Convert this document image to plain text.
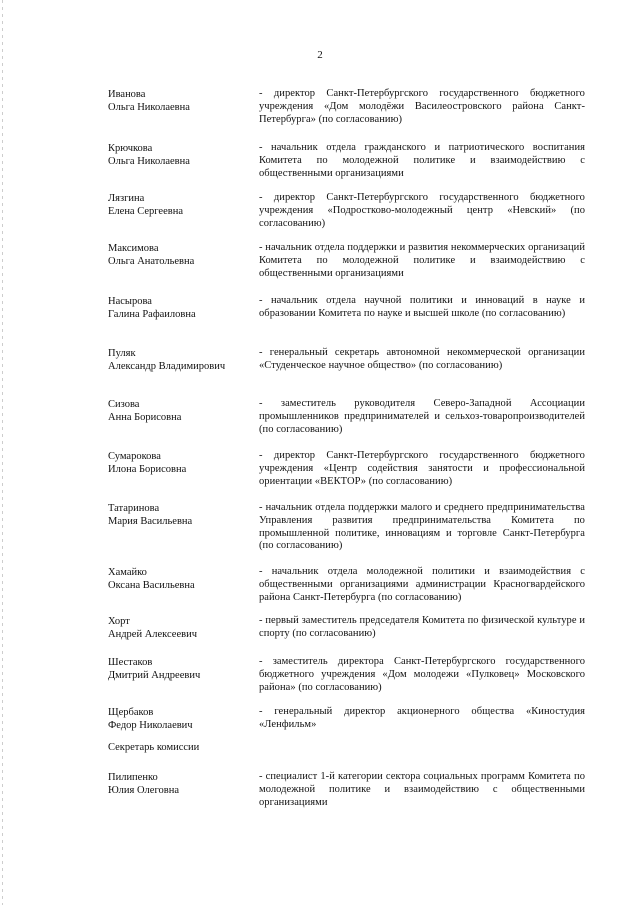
2
Иванова
Ольга Николаевна
- директор Санкт-Петербургского государственного бюджетного учреждения «Дом молодёжи Василеостровского района Санкт-Петербурга» (по согласованию)
Крючкова
Ольга Николаевна
- начальник отдела гражданского и патриотического воспитания Комитета по молодежной политике и взаимодействию с общественными организациями
Лязгина
Елена Сергеевна
- директор Санкт-Петербургского государственного бюджетного учреждения «Подростково-молодежный центр «Невский» (по согласованию)
Максимова
Ольга Анатольевна
- начальник отдела поддержки и развития некоммерческих организаций Комитета по молодежной политике и взаимодействию с общественными организациями
Насырова
Галина Рафаиловна
- начальник отдела научной политики и инноваций в науке и образовании Комитета по науке и высшей школе (по согласованию)
Пуляк
Александр Владимирович
- генеральный секретарь автономной некоммерческой организации «Студенческое научное общество» (по согласованию)
Сизова
Анна Борисовна
- заместитель руководителя Северо-Западной Ассоциации промышленников предпринимателей и сельхоз-товаропроизводителей (по согласованию)
Сумарокова
Илона Борисовна
- директор Санкт-Петербургского государственного бюджетного учреждения «Центр содействия занятости и профессиональной ориентации «ВЕКТОР» (по согласованию)
Татаринова
Мария Васильевна
- начальник отдела поддержки малого и среднего предпринимательства Управления развития предпринимательства Комитета по промышленной политике, инновациям и торговле Санкт-Петербурга (по согласованию)
Хамайко
Оксана Васильевна
- начальник отдела молодежной политики и взаимодействия с общественными организациями администрации Красногвардейского района Санкт-Петербурга (по согласованию)
Хорт
Андрей Алексеевич
- первый заместитель председателя Комитета по физической культуре и спорту (по согласованию)
Шестаков
Дмитрий Андреевич
- заместитель директора Санкт-Петербургского государственного бюджетного учреждения «Дом молодежи «Пулковец» Московского района» (по согласованию)
Щербаков
Федор Николаевич
- генеральный директор акционерного общества «Киностудия «Ленфильм»
Секретарь комиссии
Пилипенко
Юлия Олеговна
- специалист 1-й категории сектора социальных программ Комитета по молодежной политике и взаимодействию с общественными организациями
